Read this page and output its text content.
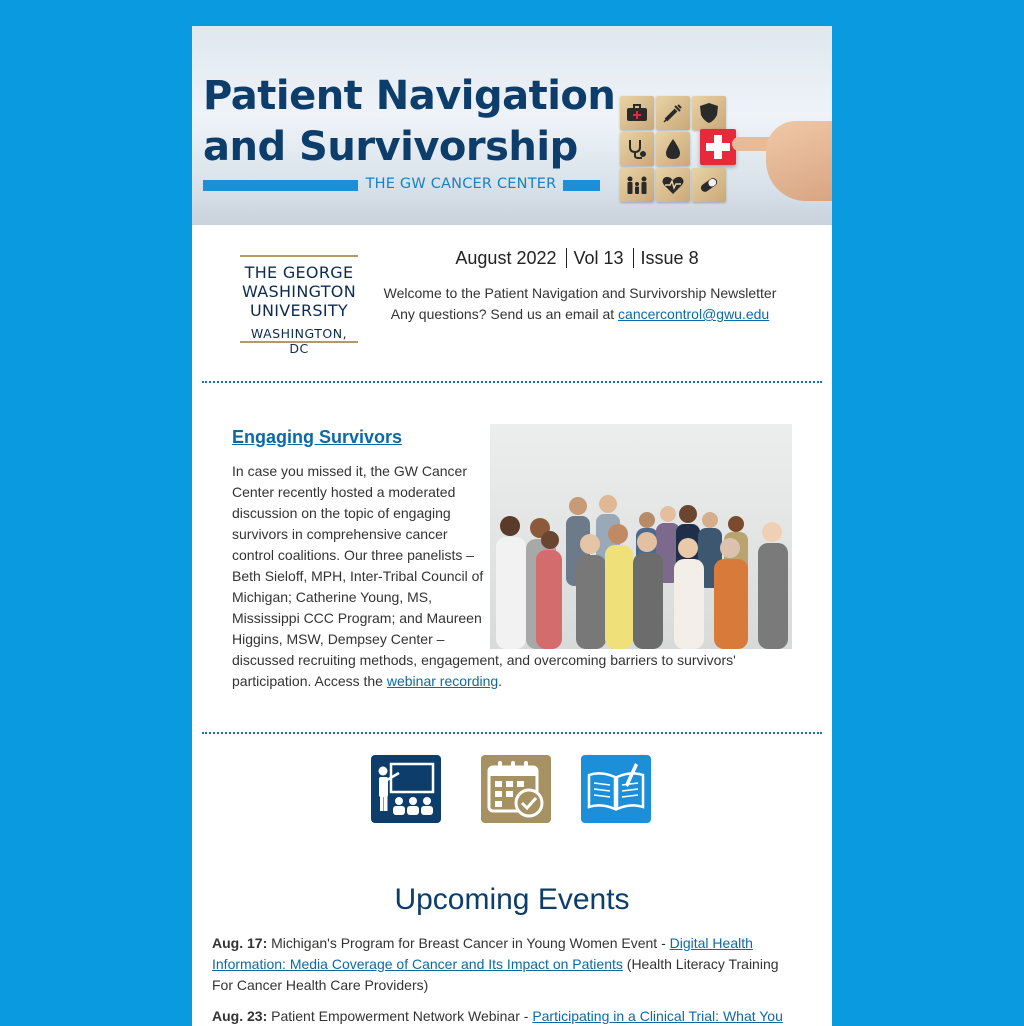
Patient Navigation
and Survivorship
THE GW CANCER CENTER
THE GEORGE
WASHINGTON
UNIVERSITY
WASHINGTON, DC
August 2022 Vol 13 Issue 8
Welcome to the Patient Navigation and Survivorship Newsletter
Any questions? Send us an email at cancercontrol@gwu.edu
Engaging Survivors
In case you missed it, the GW Cancer
Center recently hosted a moderated
discussion on the topic of engaging
survivors in comprehensive cancer
control coalitions. Our three panelists –
Beth Sieloff, MPH, Inter-Tribal Council of
Michigan; Catherine Young, MS,
Mississippi CCC Program; and Maureen
Higgins, MSW, Dempsey Center –
discussed recruiting methods, engagement, and overcoming barriers to survivors'
participation. Access the webinar recording.
Upcoming Events
Aug. 17: Michigan's Program for Breast Cancer in Young Women Event - Digital Health Information: Media Coverage of Cancer and Its Impact on Patients (Health Literacy Training For Cancer Health Care Providers)
Aug. 23: Patient Empowerment Network Webinar - Participating in a Clinical Trial: What You
